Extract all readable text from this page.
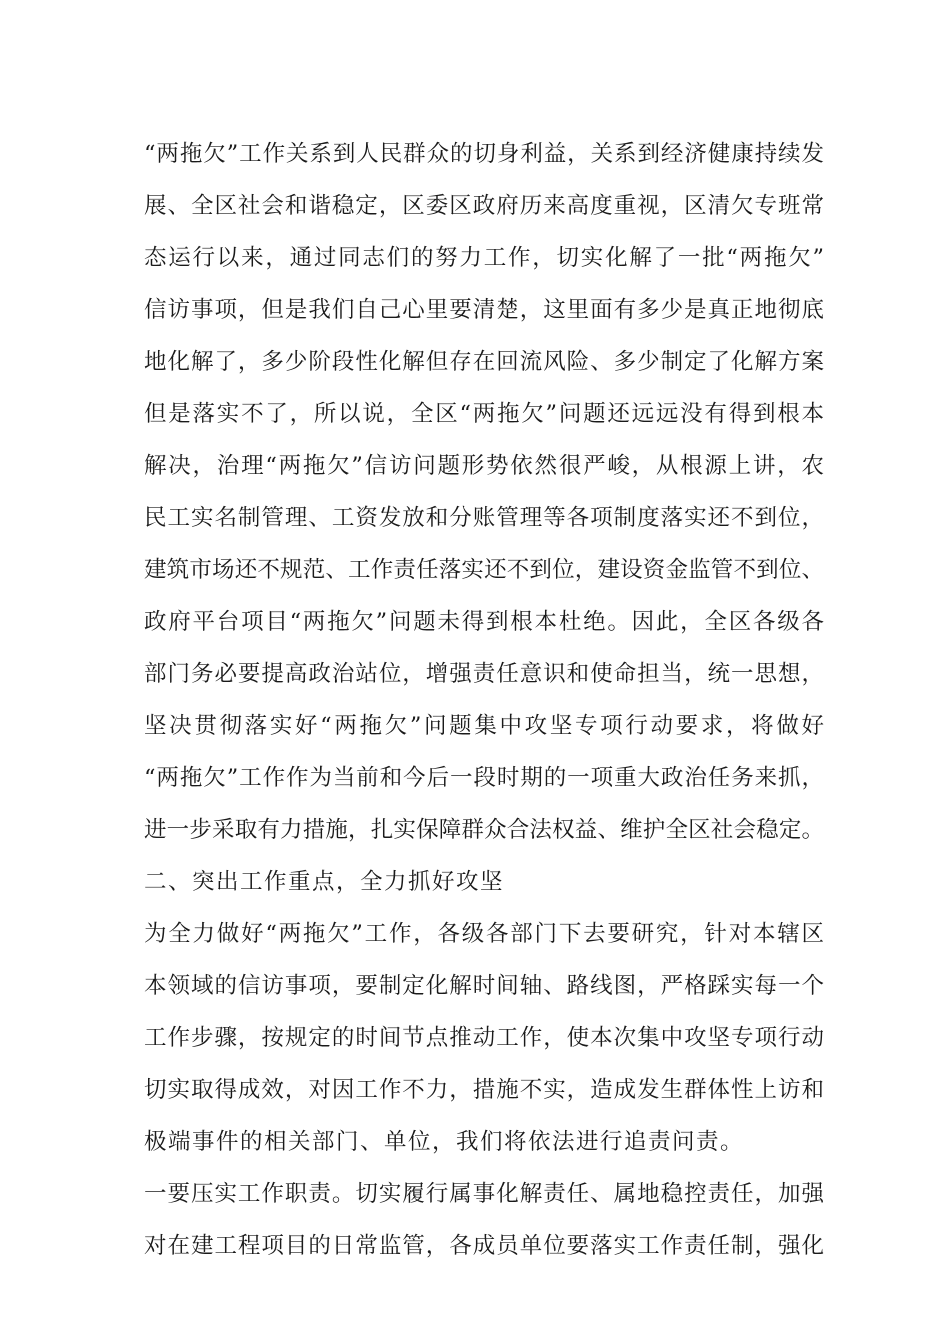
“两拖欠”工作关系到人民群众的切身利益，关系到经济健康持续发
展、全区社会和谐稳定，区委区政府历来高度重视，区清欠专班常
态运行以来，通过同志们的努力工作，切实化解了一批“两拖欠”
信访事项，但是我们自己心里要清楚，这里面有多少是真正地彻底
地化解了，多少阶段性化解但存在回流风险、多少制定了化解方案
但是落实不了，所以说，全区“两拖欠”问题还远远没有得到根本
解决，治理“两拖欠”信访问题形势依然很严峻，从根源上讲，农
民工实名制管理、工资发放和分账管理等各项制度落实还不到位，
建筑市场还不规范、工作责任落实还不到位，建设资金监管不到位、
政府平台项目“两拖欠”问题未得到根本杜绝。因此，全区各级各
部门务必要提高政治站位，增强责任意识和使命担当，统一思想，
坚决贯彻落实好“两拖欠”问题集中攻坚专项行动要求，将做好
“两拖欠”工作作为当前和今后一段时期的一项重大政治任务来抓，
进一步采取有力措施，扎实保障群众合法权益、维护全区社会稳定。
二、突出工作重点，全力抓好攻坚
为全力做好“两拖欠”工作，各级各部门下去要研究，针对本辖区
本领域的信访事项，要制定化解时间轴、路线图，严格踩实每一个
工作步骤，按规定的时间节点推动工作，使本次集中攻坚专项行动
切实取得成效，对因工作不力，措施不实，造成发生群体性上访和
极端事件的相关部门、单位，我们将依法进行追责问责。
一要压实工作职责。切实履行属事化解责任、属地稳控责任，加强
对在建工程项目的日常监管，各成员单位要落实工作责任制，强化
